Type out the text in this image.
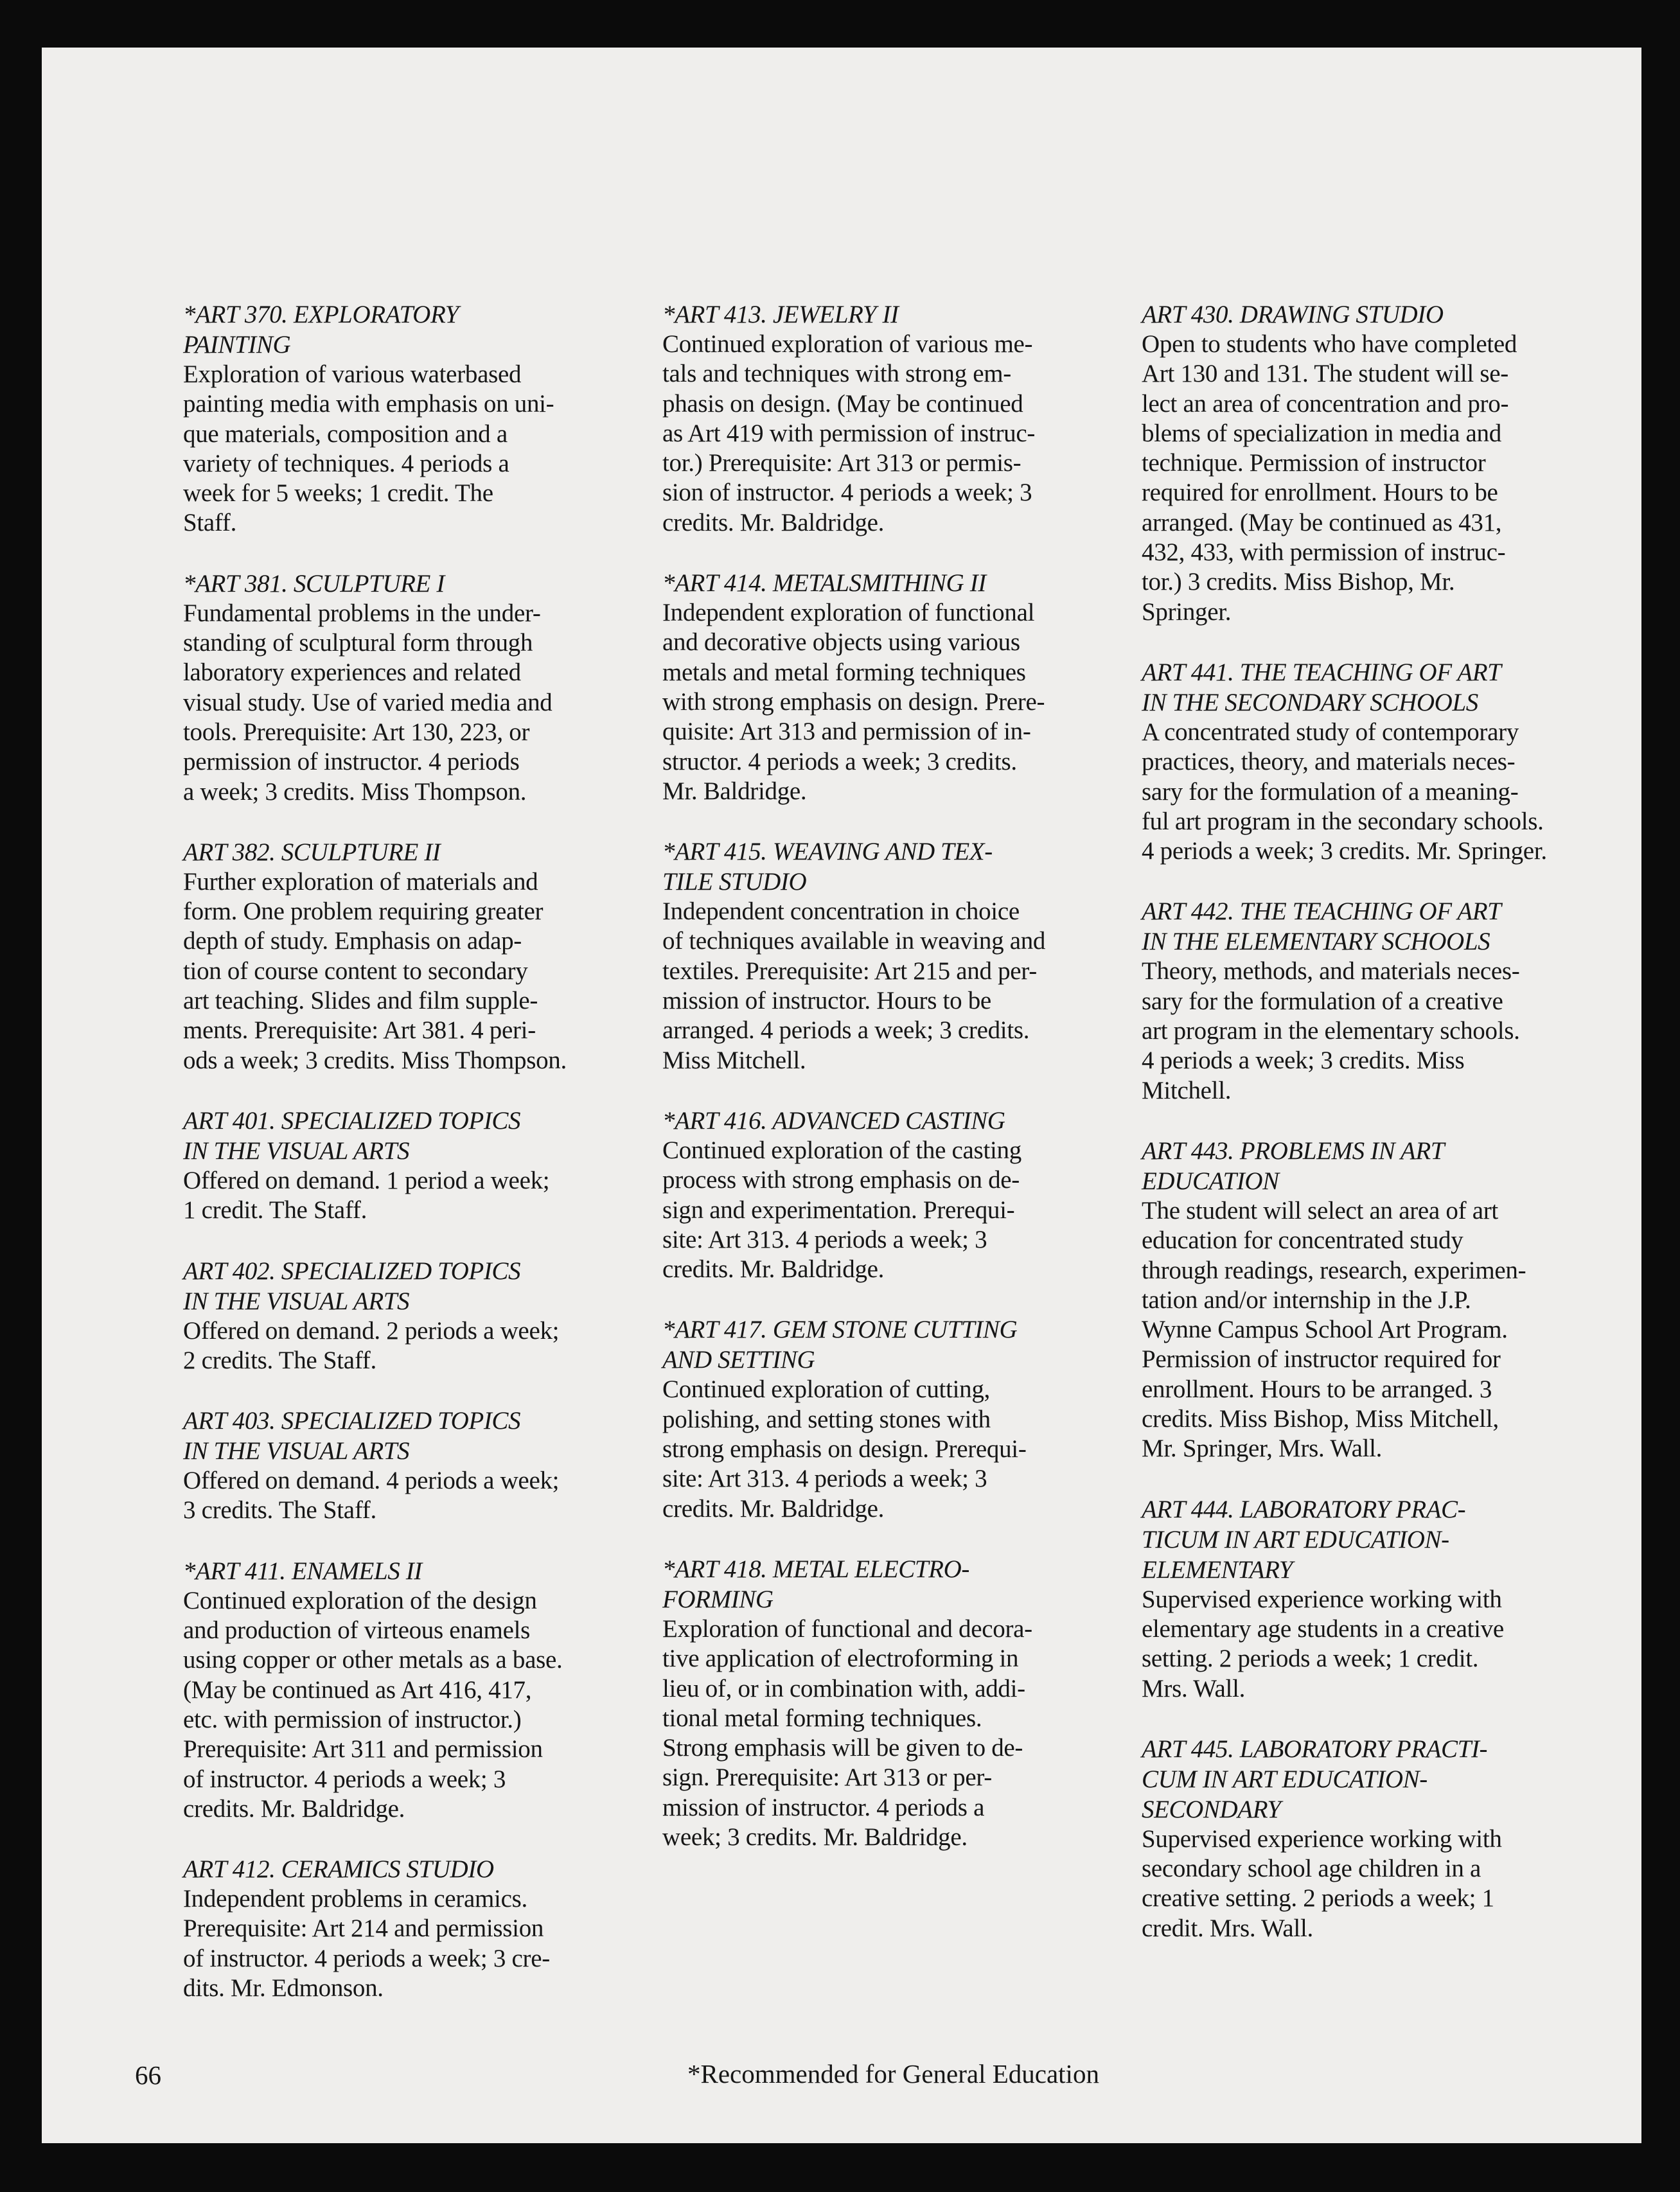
*ART 370. EXPLORATORY
PAINTING
Exploration of various waterbased
painting media with emphasis on uni-
que materials, composition and a
variety of techniques. 4 periods a
week for 5 weeks; 1 credit. The
Staff.
*ART 381. SCULPTURE I
Fundamental problems in the under-
standing of sculptural form through
laboratory experiences and related
visual study. Use of varied media and
tools. Prerequisite: Art 130, 223, or
permission of instructor. 4 periods
a week; 3 credits. Miss Thompson.
ART 382. SCULPTURE II
Further exploration of materials and
form. One problem requiring greater
depth of study. Emphasis on adap-
tion of course content to secondary
art teaching. Slides and film supple-
ments. Prerequisite: Art 381. 4 peri-
ods a week; 3 credits. Miss Thompson.
ART 401. SPECIALIZED TOPICS
IN THE VISUAL ARTS
Offered on demand. 1 period a week;
1 credit. The Staff.
ART 402. SPECIALIZED TOPICS
IN THE VISUAL ARTS
Offered on demand. 2 periods a week;
2 credits. The Staff.
ART 403. SPECIALIZED TOPICS
IN THE VISUAL ARTS
Offered on demand. 4 periods a week;
3 credits. The Staff.
*ART 411. ENAMELS II
Continued exploration of the design
and production of virteous enamels
using copper or other metals as a base.
(May be continued as Art 416, 417,
etc. with permission of instructor.)
Prerequisite: Art 311 and permission
of instructor. 4 periods a week; 3
credits. Mr. Baldridge.
ART 412. CERAMICS STUDIO
Independent problems in ceramics.
Prerequisite: Art 214 and permission
of instructor. 4 periods a week; 3 cre-
dits. Mr. Edmonson.
*ART 413. JEWELRY II
Continued exploration of various me-
tals and techniques with strong em-
phasis on design. (May be continued
as Art 419 with permission of instruc-
tor.) Prerequisite: Art 313 or permis-
sion of instructor. 4 periods a week; 3
credits. Mr. Baldridge.
*ART 414. METALSMITHING II
Independent exploration of functional
and decorative objects using various
metals and metal forming techniques
with strong emphasis on design. Prere-
quisite: Art 313 and permission of in-
structor. 4 periods a week; 3 credits.
Mr. Baldridge.
*ART 415. WEAVING AND TEX-
TILE STUDIO
Independent concentration in choice
of techniques available in weaving and
textiles. Prerequisite: Art 215 and per-
mission of instructor. Hours to be
arranged. 4 periods a week; 3 credits.
Miss Mitchell.
*ART 416. ADVANCED CASTING
Continued exploration of the casting
process with strong emphasis on de-
sign and experimentation. Prerequi-
site: Art 313. 4 periods a week; 3
credits. Mr. Baldridge.
*ART 417. GEM STONE CUTTING
AND SETTING
Continued exploration of cutting,
polishing, and setting stones with
strong emphasis on design. Prerequi-
site: Art 313. 4 periods a week; 3
credits. Mr. Baldridge.
*ART 418. METAL ELECTRO-
FORMING
Exploration of functional and decora-
tive application of electroforming in
lieu of, or in combination with, addi-
tional metal forming techniques.
Strong emphasis will be given to de-
sign. Prerequisite: Art 313 or per-
mission of instructor. 4 periods a
week; 3 credits. Mr. Baldridge.
ART 430. DRAWING STUDIO
Open to students who have completed
Art 130 and 131. The student will se-
lect an area of concentration and pro-
blems of specialization in media and
technique. Permission of instructor
required for enrollment. Hours to be
arranged. (May be continued as 431,
432, 433, with permission of instruc-
tor.) 3 credits. Miss Bishop, Mr.
Springer.
ART 441. THE TEACHING OF ART
IN THE SECONDARY SCHOOLS
A concentrated study of contemporary
practices, theory, and materials neces-
sary for the formulation of a meaning-
ful art program in the secondary schools.
4 periods a week; 3 credits. Mr. Springer.
ART 442. THE TEACHING OF ART
IN THE ELEMENTARY SCHOOLS
Theory, methods, and materials neces-
sary for the formulation of a creative
art program in the elementary schools.
4 periods a week; 3 credits. Miss
Mitchell.
ART 443. PROBLEMS IN ART
EDUCATION
The student will select an area of art
education for concentrated study
through readings, research, experimen-
tation and/or internship in the J.P.
Wynne Campus School Art Program.
Permission of instructor required for
enrollment. Hours to be arranged. 3
credits. Miss Bishop, Miss Mitchell,
Mr. Springer, Mrs. Wall.
ART 444. LABORATORY PRAC-
TICUM IN ART EDUCATION-
ELEMENTARY
Supervised experience working with
elementary age students in a creative
setting. 2 periods a week; 1 credit.
Mrs. Wall.
ART 445. LABORATORY PRACTI-
CUM IN ART EDUCATION-
SECONDARY
Supervised experience working with
secondary school age children in a
creative setting. 2 periods a week; 1
credit. Mrs. Wall.
66	*Recommended for General Education
